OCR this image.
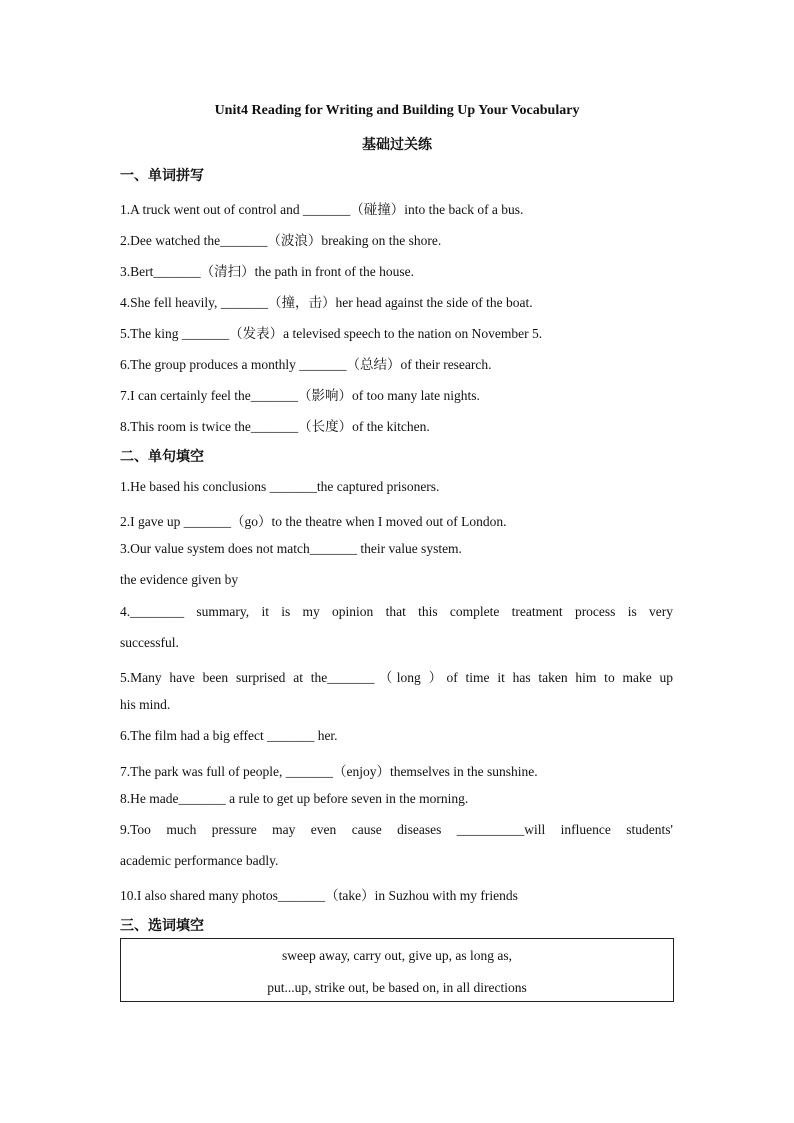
Unit4 Reading for Writing and Building Up Your Vocabulary
基础过关练
一、单词拼写
1.A truck went out of control and _______（碰撞）into the back of a bus.
2.Dee watched the_______（波浪）breaking on the shore.
3.Bert_______（清扫）the path in front of the house.
4.She fell heavily, _______（撞，击）her head against the side of the boat.
5.The king _______（发表）a televised speech to the nation on November 5.
6.The group produces a monthly _______（总结）of their research.
7.I can certainly feel the_______（影响）of too many late nights.
8.This room is twice the_______（长度）of the kitchen.
二、单句填空
1.He based his conclusions _______the captured prisoners.
2.I gave up _______（go）to the theatre when I moved out of London.
3.Our value system does not match_______ their value system.
the evidence given by
4.________ summary, it is my opinion that this complete treatment process is very
successful.
5.Many have been surprised at the_______（long ）of time it has taken him to make up
his mind.
6.The film had a big effect _______ her.
7.The park was full of people, _______（enjoy）themselves in the sunshine.
8.He made_______ a rule to get up before seven in the morning.
9.Too much pressure may even cause diseases __________will influence students'
academic performance badly.
10.I also shared many photos_______（take）in Suzhou with my friends
三、选词填空
sweep away, carry out, give up, as long as,
put...up, strike out, be based on, in all directions
